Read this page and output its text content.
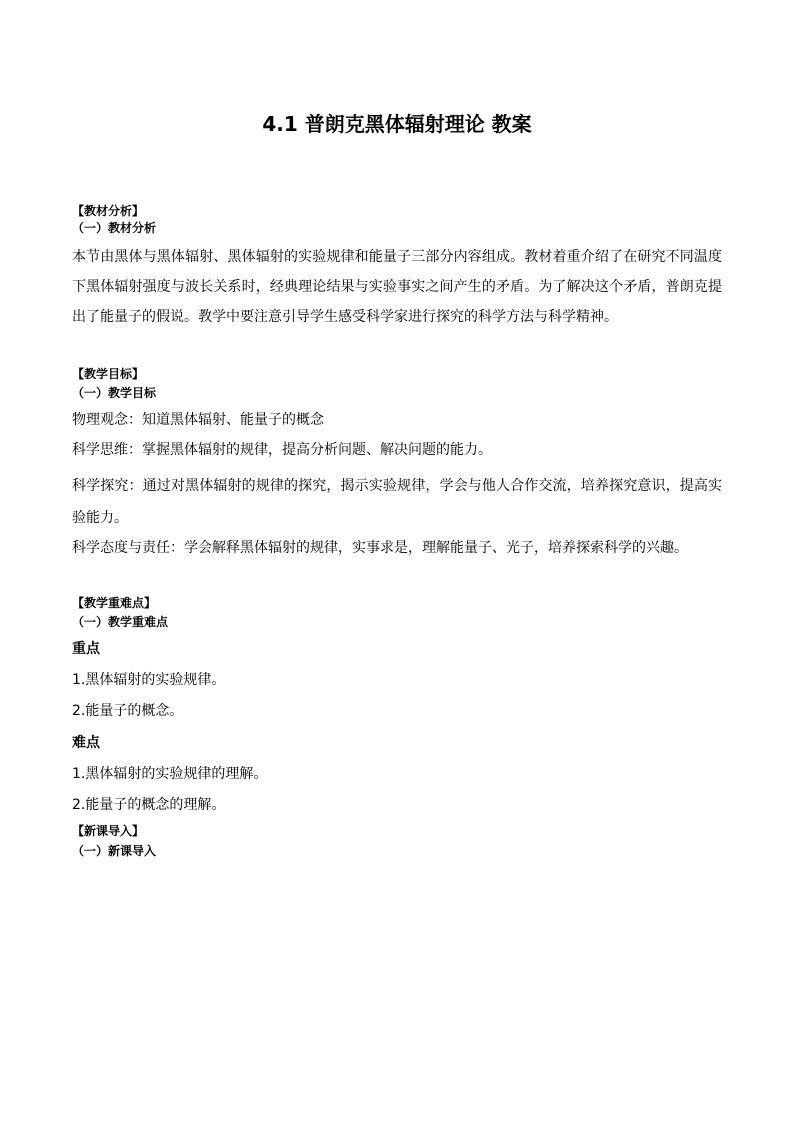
4.1 普朗克黑体辐射理论 教案
【教材分析】
（一）教材分析
本节由黑体与黑体辐射、黑体辐射的实验规律和能量子三部分内容组成。教材着重介绍了在研究不同温度下黑体辐射强度与波长关系时，经典理论结果与实验事实之间产生的矛盾。为了解决这个矛盾，普朗克提出了能量子的假说。教学中要注意引导学生感受科学家进行探究的科学方法与科学精神。
【教学目标】
（一）教学目标
物理观念：知道黑体辐射、能量子的概念
科学思维：掌握黑体辐射的规律，提高分析问题、解决问题的能力。
科学探究：通过对黑体辐射的规律的探究，揭示实验规律，学会与他人合作交流，培养探究意识，提高实验能力。
科学态度与责任：学会解释黑体辐射的规律，实事求是，理解能量子、光子，培养探索科学的兴趣。
【教学重难点】
（一）教学重难点
重点
1.黑体辐射的实验规律。
2.能量子的概念。
难点
1.黑体辐射的实验规律的理解。
2.能量子的概念的理解。
【新课导入】
（一）新课导入
